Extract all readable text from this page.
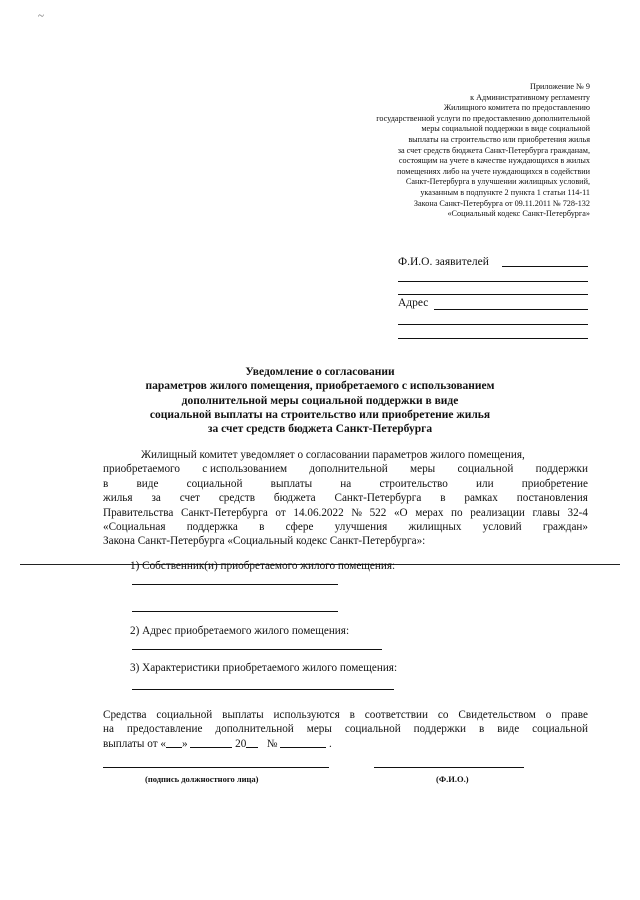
~
Приложение № 9
к Административному регламенту
Жилищного комитета по предоставлению
государственной услуги по предоставлению дополнительной
меры социальной поддержки в виде социальной
выплаты на строительство или приобретения жилья
за счет средств бюджета Санкт-Петербурга гражданам,
состоящим на учете в качестве нуждающихся в жилых
помещениях либо на учете нуждающихся в содействии
Санкт-Петербурга в улучшении жилищных условий,
указанным в подпункте 2 пункта 1 статьи 114-11
Закона Санкт-Петербурга от 09.11.2011 № 728-132
«Социальный кодекс Санкт-Петербурга»
Ф.И.О. заявителей
Адрес
Уведомление о согласовании
параметров жилого помещения, приобретаемого с использованием
дополнительной меры социальной поддержки в виде
социальной выплаты на строительство или приобретение жилья
за счет средств бюджета Санкт-Петербурга
Жилищный комитет уведомляет о согласовании параметров жилого помещения,
приобретаемого с использованием дополнительной меры социальной поддержки
в	виде	социальной	выплаты	на	строительство	или	приобретение
жилья за счет средств бюджета Санкт-Петербурга в рамках постановления
Правительства Санкт-Петербурга от 14.06.2022 № 522 «О мерах по реализации главы 32-4
«Социальная поддержка в сфере улучшения жилищных условий граждан»
Закона Санкт-Петербурга «Социальный кодекс Санкт-Петербурга»:
1) Собственник(и) приобретаемого жилого помещения:
2) Адрес приобретаемого жилого помещения:
3) Характеристики приобретаемого жилого помещения:
Средства социальной выплаты используются в соответствии со Свидетельством о праве
на предоставление дополнительной меры социальной поддержки в виде социальной
выплаты от « »

	20
№

	.
(подпись должностного лица)	(Ф.И.О.)
